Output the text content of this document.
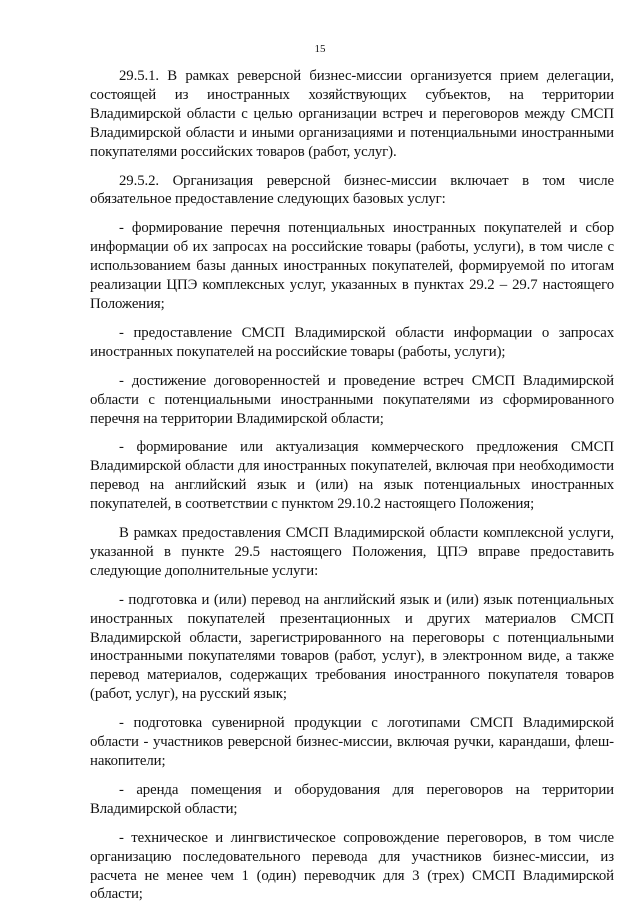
15

29.5.1. В рамках реверсной бизнес-миссии организуется прием делегации, состоящей из иностранных хозяйствующих субъектов, на территории Владимирской области с целью организации встреч и переговоров между СМСП Владимирской области и иными организациями и потенциальными иностранными покупателями российских товаров (работ, услуг).

29.5.2. Организация реверсной бизнес-миссии включает в том числе обязательное предоставление следующих базовых услуг:

- формирование перечня потенциальных иностранных покупателей и сбор информации об их запросах на российские товары (работы, услуги), в том числе с использованием базы данных иностранных покупателей, формируемой по итогам реализации ЦПЭ комплексных услуг, указанных в пунктах 29.2 – 29.7 настоящего Положения;

- предоставление СМСП Владимирской области информации о запросах иностранных покупателей на российские товары (работы, услуги);

- достижение договоренностей и проведение встреч СМСП Владимирской области с потенциальными иностранными покупателями из сформированного перечня на территории Владимирской области;

- формирование или актуализация коммерческого предложения СМСП Владимирской области для иностранных покупателей, включая при необходимости перевод на английский язык и (или) на язык потенциальных иностранных покупателей, в соответствии с пунктом 29.10.2 настоящего Положения;

В рамках предоставления СМСП Владимирской области комплексной услуги, указанной в пункте 29.5 настоящего Положения, ЦПЭ вправе предоставить следующие дополнительные услуги:

- подготовка и (или) перевод на английский язык и (или) язык потенциальных иностранных покупателей презентационных и других материалов СМСП Владимирской области, зарегистрированного на переговоры с потенциальными иностранными покупателями товаров (работ, услуг), в электронном виде, а также перевод материалов, содержащих требования иностранного покупателя товаров (работ, услуг), на русский язык;

- подготовка сувенирной продукции с логотипами СМСП Владимирской области - участников реверсной бизнес-миссии, включая ручки, карандаши, флеш-накопители;

- аренда помещения и оборудования для переговоров на территории Владимирской области;

- техническое и лингвистическое сопровождение переговоров, в том числе организацию последовательного перевода для участников бизнес-миссии, из расчета не менее чем 1 (один) переводчик для 3 (трех) СМСП Владимирской области;
